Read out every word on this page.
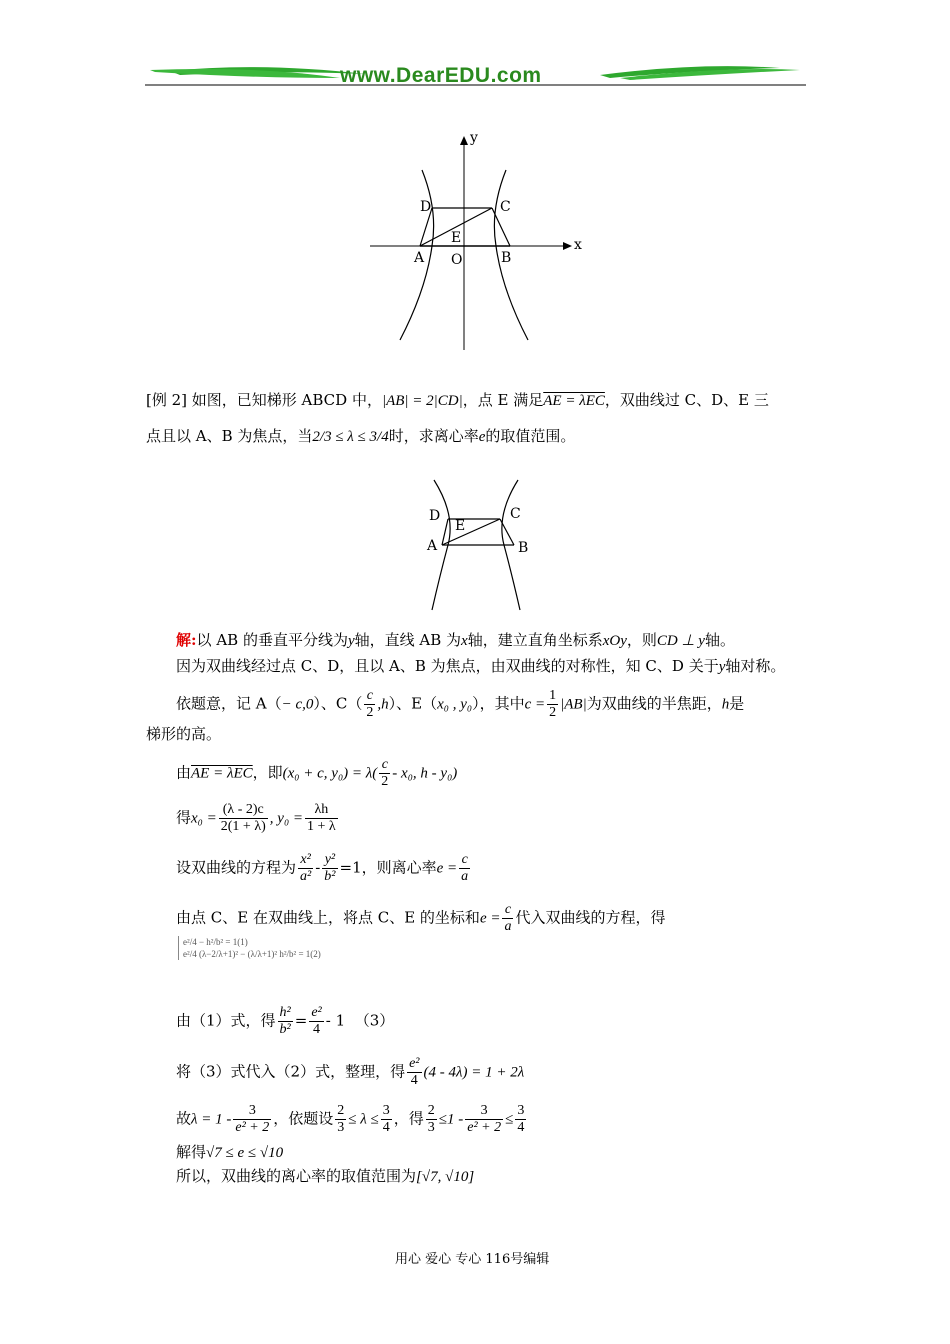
www.DearEDU.com
y
x
D	C
E
A O	B
[例 2] 如图，已知梯形 ABCD 中，|AB| = 2|CD|，点 E 满足AE = λEC，双曲线过 C、D、E 三
点且以 A、B 为焦点，当2/3 ≤ λ ≤ 3/4时，求离心率e的取值范围。
D	C
E
A	B
解:以 AB 的垂直平分线为y轴，直线 AB 为x轴，建立直角坐标系xOy，则CD ⊥ y轴。
因为双曲线经过点 C、D，且以 A、B 为焦点，由双曲线的对称性，知 C、D 关于y轴对称。
依题意，记 A（− c,0）、$C( \frac{c}{2} ,h)$、E（x₀ , y₀），其中$c = \frac{1}{2} |AB|$为双曲线的半焦距，h是
梯形的高。
由AE = λEC，即(x₀ + c, $y_0) = \lambda( \frac{c}{2} - x_0$, h - y₀)
得$x_0 = \frac{(\lambda - 2)c}{2(1 + \lambda)}$ , $y_0 = \frac{\lambda h}{1 + \lambda}$
设双曲线的方程为 $\frac{\text{x²}}{\text{a²}} - \frac{\text{y²}}{\text{b²}} =1$，则离心率$e = \frac{c}{a}$
由点 C、E 在双曲线上，将点 C、E 的坐标和$e = \frac{c}{a}$ 代入双曲线的方程，得
e²/4 − h²/b² = 1(1)
e²/4 (λ−2/λ+1)² − (λ/λ+1)² h²/b² = 1(2)
由（1）式，得 $\frac{\text{h²}}{\text{b²}} = \frac{\text{e²}}{4} - 1$ （3）
将（3）式代入（2）式，整理，得 $\frac{\text{e²}}{4} (4 - 4\lambda) = 1 + 2\lambda$
故$\lambda = 1 - \frac{3}{\text{e² + 2}}$ ，依题设 $\frac{2}{3} \le \lambda \le \frac{3}{4}$ ，得 $\frac{2}{3} \le 1 - \frac{3}{\text{e² + 2}} \le \frac{3}{4}$
解得√7 ≤ e ≤ √10
所以，双曲线的离心率的取值范围为[√7, √10]
用心 爱心 专心 116号编辑
